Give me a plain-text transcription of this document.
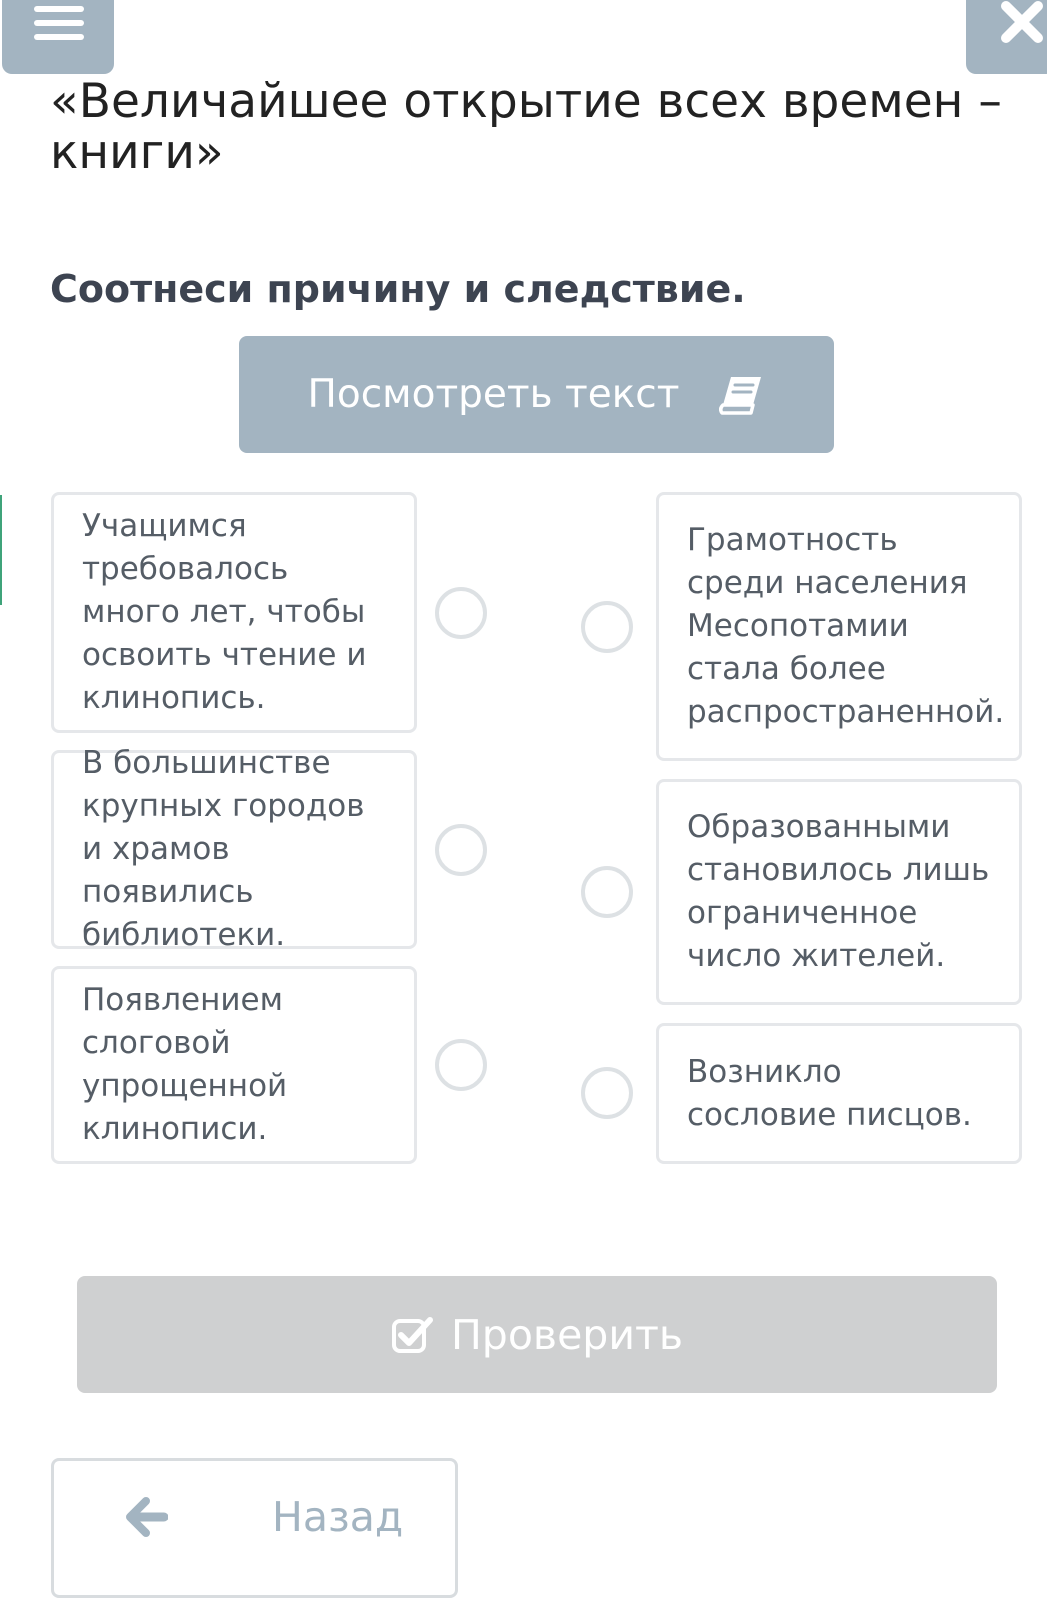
«Величайшее открытие всех времен – книги»
Соотнеси причину и следствие.
Посмотреть текст
Учащимся требовалось много лет, чтобы освоить чтение и клинопись.
В большинстве крупных городов и храмов появились библиотеки.
Появлением слоговой упрощенной клинописи.
Грамотность среди населения Месопотамии стала более распространенной.
Образованными становилось лишь ограниченное число жителей.
Возникло сословие писцов.
Проверить
Назад
